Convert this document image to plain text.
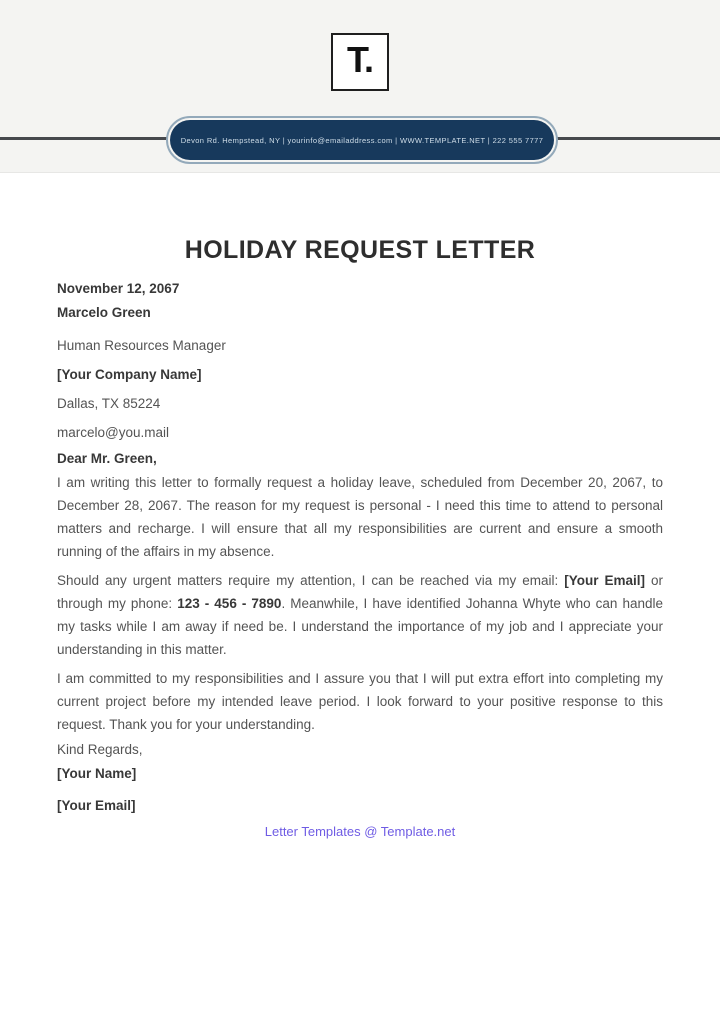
T.
Devon Rd. Hempstead, NY | yourinfo@emailaddress.com | WWW.TEMPLATE.NET | 222 555 7777
HOLIDAY REQUEST LETTER
November 12, 2067
Marcelo Green
Human Resources Manager
[Your Company Name]
Dallas, TX 85224
marcelo@you.mail
Dear Mr. Green,

I am writing this letter to formally request a holiday leave, scheduled from December 20, 2067, to December 28, 2067. The reason for my request is personal - I need this time to attend to personal matters and recharge. I will ensure that all my responsibilities are current and ensure a smooth running of the affairs in my absence.

Should any urgent matters require my attention, I can be reached via my email: [Your Email] or through my phone: 123 - 456 - 7890. Meanwhile, I have identified Johanna Whyte who can handle my tasks while I am away if need be. I understand the importance of my job and I appreciate your understanding in this matter.

I am committed to my responsibilities and I assure you that I will put extra effort into completing my current project before my intended leave period. I look forward to your positive response to this request. Thank you for your understanding.

Kind Regards,
[Your Name]
[Your Email]
Letter Templates @ Template.net
